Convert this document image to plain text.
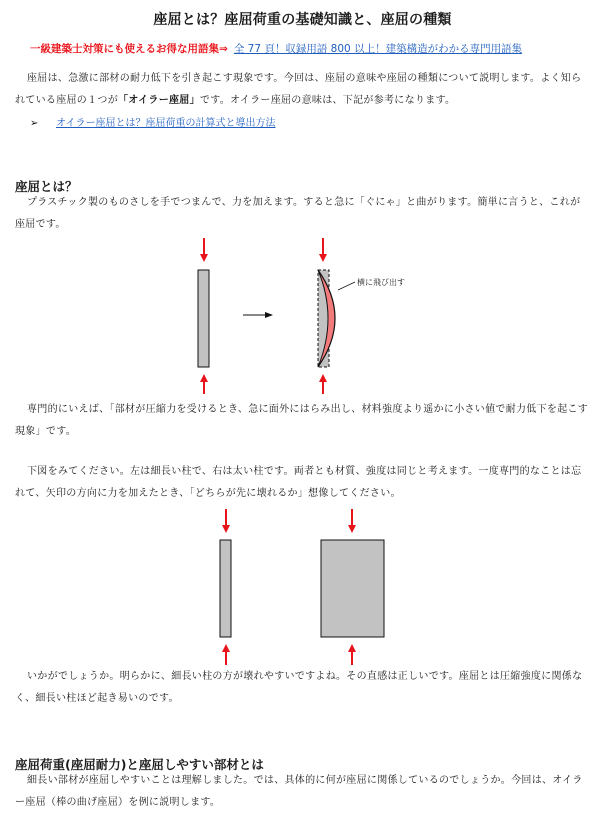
座屈とは？座屈荷重の基礎知識と、座屈の種類
一級建築士対策にも使えるお得な用語集⇒ 全 77 頁！収録用語 800 以上！建築構造がわかる専門用語集

座屈は、急激に部材の耐力低下を引き起こす現象です。今回は、座屈の意味や座屈の種類について説明します。よく知られている座屈の１つが「オイラー座屈」です。オイラー座屈の意味は、下記が参考になります。

➢ オイラー座屈とは？座屈荷重の計算式と導出方法
座屈とは？

プラスチック製のものさしを手でつまんで、力を加えます。すると急に「ぐにゃ」と曲がります。簡単に言うと、これが座屈です。

横に飛び出す

専門的にいえば、「部材が圧縮力を受けるとき、急に面外にはらみ出し、材料強度より遥かに小さい値で耐力低下を起こす現象」です。

下図をみてください。左は細長い柱で、右は太い柱です。両者とも材質、強度は同じと考えます。一度専門的なことは忘れて、矢印の方向に力を加えたとき、「どちらが先に壊れるか」想像してください。

いかがでしょうか。明らかに、細長い柱の方が壊れやすいですよね。その直感は正しいです。座屈とは圧縮強度に関係なく、細長い柱ほど起き易いのです。

座屈荷重(座屈耐力)と座屈しやすい部材とは

細長い部材が座屈しやすいことは理解しました。では、具体的に何が座屈に関係しているのでしょうか。今回は、オイラー座屈（棒の曲げ座屈）を例に説明します。
